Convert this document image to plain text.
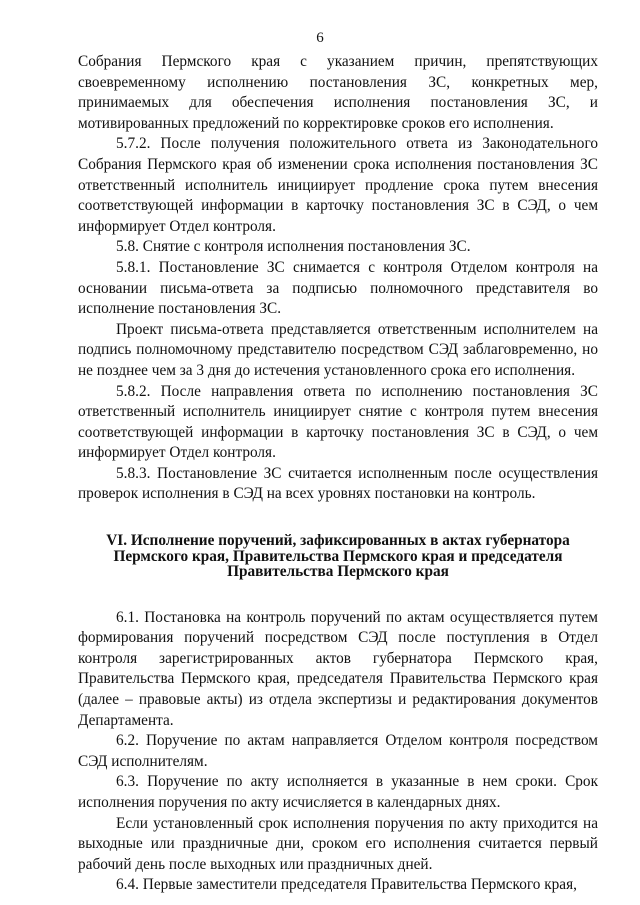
6

Собрания Пермского края с указанием причин, препятствующих своевременному исполнению постановления ЗС, конкретных мер, принимаемых для обеспечения исполнения постановления ЗС, и мотивированных предложений по корректировке сроков его исполнения.

5.7.2. После получения положительного ответа из Законодательного Собрания Пермского края об изменении срока исполнения постановления ЗС ответственный исполнитель инициирует продление срока путем внесения соответствующей информации в карточку постановления ЗС в СЭД, о чем информирует Отдел контроля.

5.8. Снятие с контроля исполнения постановления ЗС.

5.8.1. Постановление ЗС снимается с контроля Отделом контроля на основании письма-ответа за подписью полномочного представителя во исполнение постановления ЗС.

Проект письма-ответа представляется ответственным исполнителем на подпись полномочному представителю посредством СЭД заблаговременно, но не позднее чем за 3 дня до истечения установленного срока его исполнения.

5.8.2. После направления ответа по исполнению постановления ЗС ответственный исполнитель инициирует снятие с контроля путем внесения соответствующей информации в карточку постановления ЗС в СЭД, о чем информирует Отдел контроля.

5.8.3. Постановление ЗС считается исполненным после осуществления проверок исполнения в СЭД на всех уровнях постановки на контроль.

VI. Исполнение поручений, зафиксированных в актах губернатора
Пермского края, Правительства Пермского края и председателя
Правительства Пермского края

6.1. Постановка на контроль поручений по актам осуществляется путем формирования поручений посредством СЭД после поступления в Отдел контроля зарегистрированных актов губернатора Пермского края, Правительства Пермского края, председателя Правительства Пермского края (далее – правовые акты) из отдела экспертизы и редактирования документов Департамента.

6.2. Поручение по актам направляется Отделом контроля посредством СЭД исполнителям.

6.3. Поручение по акту исполняется в указанные в нем сроки. Срок исполнения поручения по акту исчисляется в календарных днях.

Если установленный срок исполнения поручения по акту приходится на выходные или праздничные дни, сроком его исполнения считается первый рабочий день после выходных или праздничных дней.

6.4. Первые заместители председателя Правительства Пермского края,
